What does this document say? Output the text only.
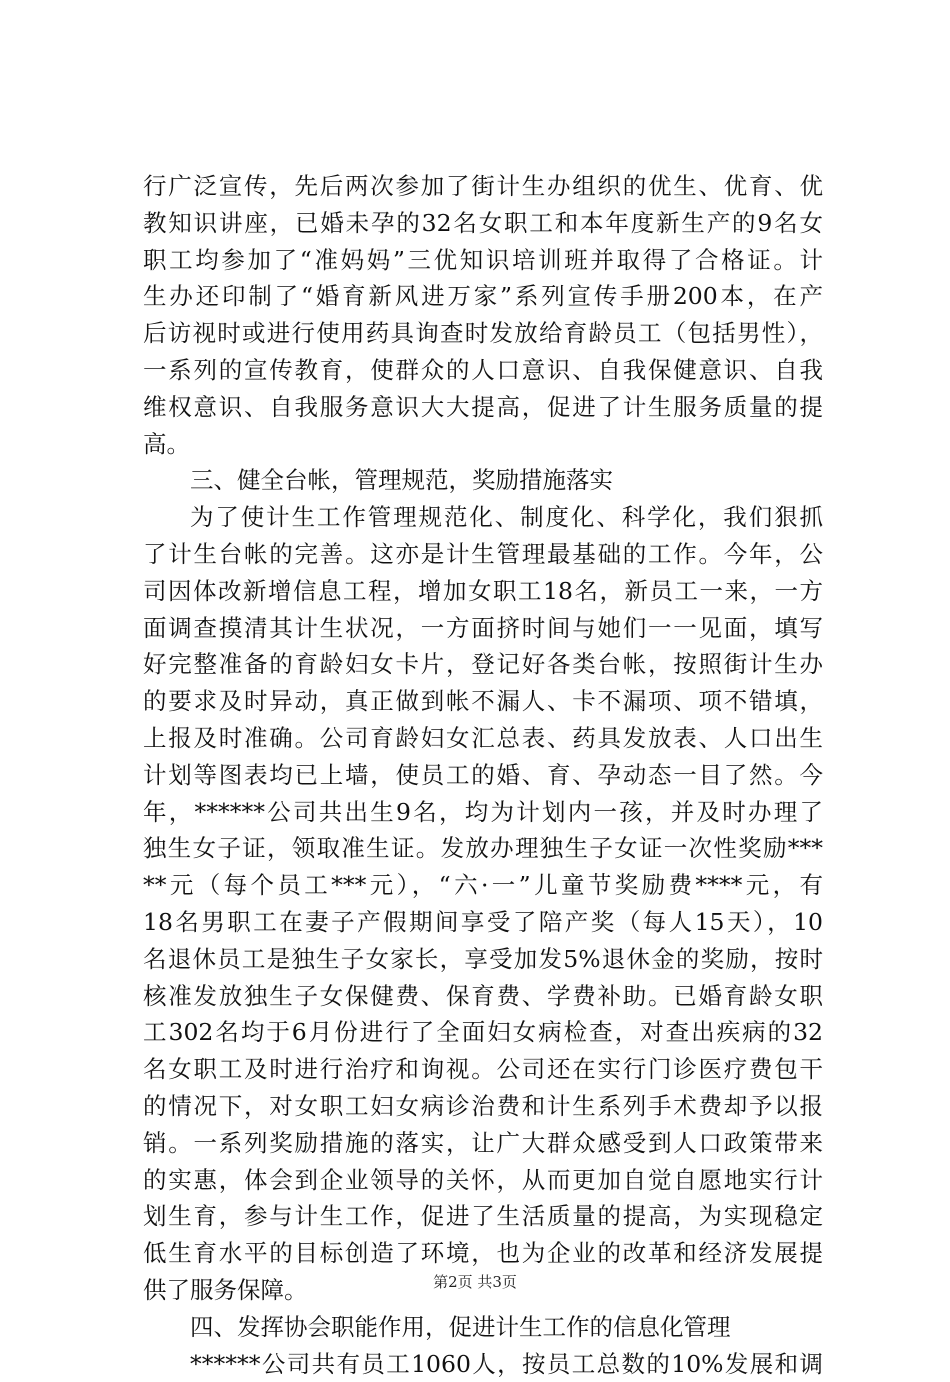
行广泛宣传，先后两次参加了街计生办组织的优生、优育、优
教知识讲座，已婚未孕的32名女职工和本年度新生产的9名女
职工均参加了“准妈妈”三优知识培训班并取得了合格证。计
生办还印制了“婚育新风进万家”系列宣传手册200本，在产
后访视时或进行使用药具询查时发放给育龄员工（包括男性），
一系列的宣传教育，使群众的人口意识、自我保健意识、自我
维权意识、自我服务意识大大提高，促进了计生服务质量的提
高。
三、健全台帐，管理规范，奖励措施落实
为了使计生工作管理规范化、制度化、科学化，我们狠抓
了计生台帐的完善。这亦是计生管理最基础的工作。今年，公
司因体改新增信息工程，增加女职工18名，新员工一来，一方
面调查摸清其计生状况，一方面挤时间与她们一一见面，填写
好完整准备的育龄妇女卡片，登记好各类台帐，按照街计生办
的要求及时异动，真正做到帐不漏人、卡不漏项、项不错填，
上报及时准确。公司育龄妇女汇总表、药具发放表、人口出生
计划等图表均已上墙，使员工的婚、育、孕动态一目了然。今
年，******公司共出生9名，均为计划内一孩，并及时办理了
独生女子证，领取准生证。发放办理独生子女证一次性奖励***
**元（每个员工***元），“六·一”儿童节奖励费****元，有
18名男职工在妻子产假期间享受了陪产奖（每人15天），10
名退休员工是独生子女家长，享受加发5%退休金的奖励，按时
核准发放独生子女保健费、保育费、学费补助。已婚育龄女职
工302名均于6月份进行了全面妇女病检查，对查出疾病的32
名女职工及时进行治疗和询视。公司还在实行门诊医疗费包干
的情况下，对女职工妇女病诊治费和计生系列手术费却予以报
销。一系列奖励措施的落实，让广大群众感受到人口政策带来
的实惠，体会到企业领导的关怀，从而更加自觉自愿地实行计
划生育，参与计生工作，促进了生活质量的提高，为实现稳定
低生育水平的目标创造了环境，也为企业的改革和经济发展提
供了服务保障。
四、发挥协会职能作用，促进计生工作的信息化管理
******公司共有员工1060人，按员工总数的10%发展和调
第2页 共3页
